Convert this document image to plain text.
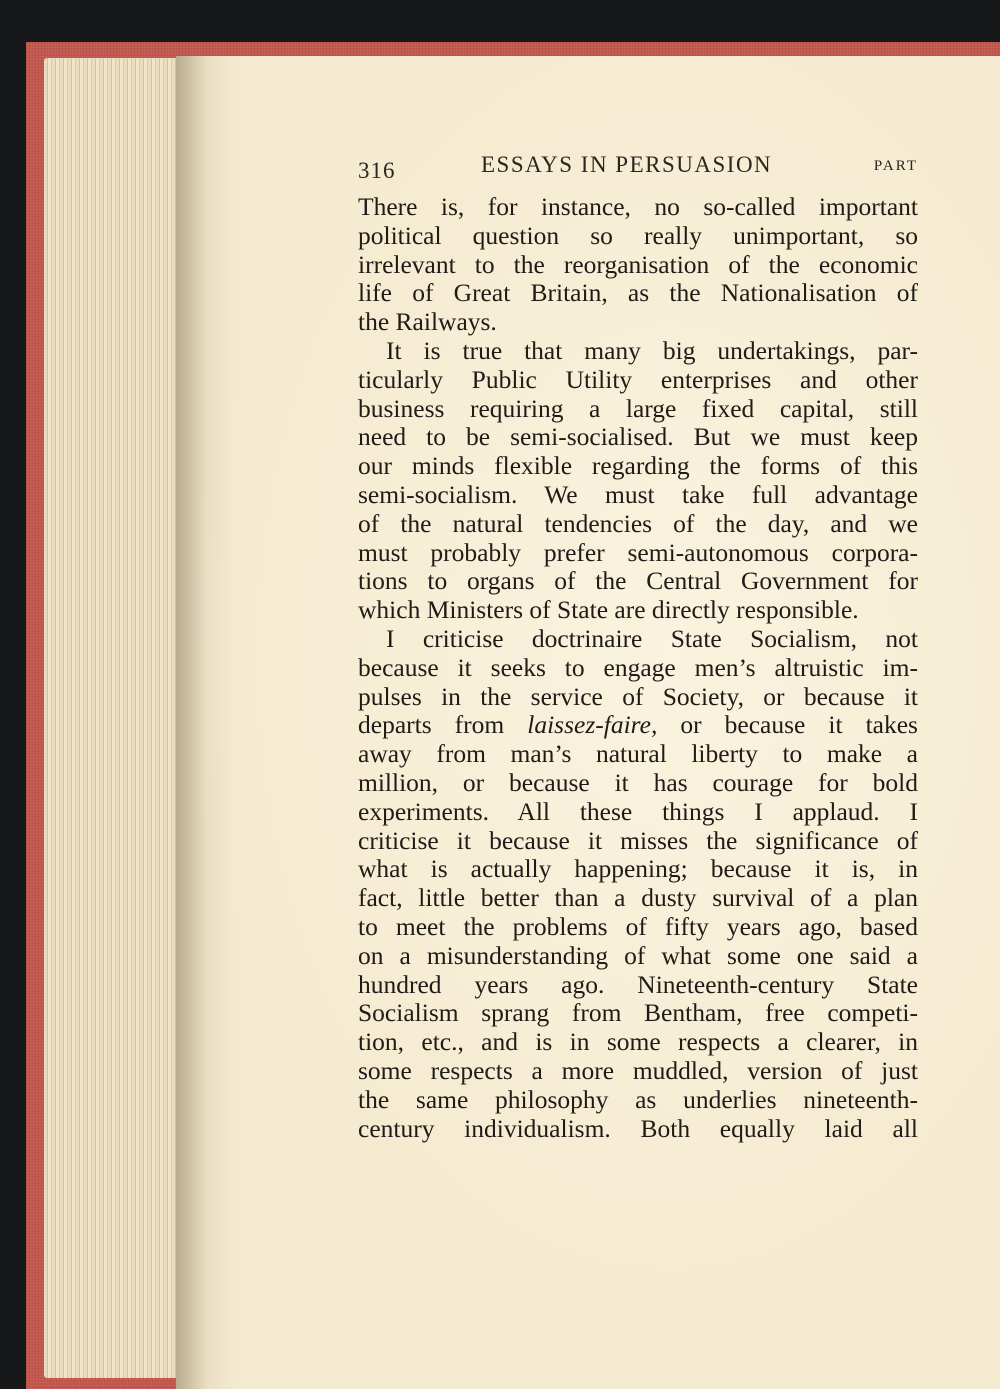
316	ESSAYS IN PERSUASION	PART
There is, for instance, no so-called important
political question so really unimportant, so
irrelevant to the reorganisation of the economic
life of Great Britain, as the Nationalisation of
the Railways.
It is true that many big undertakings, par-
ticularly Public Utility enterprises and other
business requiring a large fixed capital, still
need to be semi-socialised. But we must keep
our minds flexible regarding the forms of this
semi-socialism. We must take full advantage
of the natural tendencies of the day, and we
must probably prefer semi-autonomous corpora-
tions to organs of the Central Government for
which Ministers of State are directly responsible.
I criticise doctrinaire State Socialism, not
because it seeks to engage men’s altruistic im-
pulses in the service of Society, or because it
departs from laissez-faire, or because it takes
away from man’s natural liberty to make a
million, or because it has courage for bold
experiments. All these things I applaud. I
criticise it because it misses the significance of
what is actually happening; because it is, in
fact, little better than a dusty survival of a plan
to meet the problems of fifty years ago, based
on a misunderstanding of what some one said a
hundred years ago. Nineteenth-century State
Socialism sprang from Bentham, free competi-
tion, etc., and is in some respects a clearer, in
some respects a more muddled, version of just
the same philosophy as underlies nineteenth-
century individualism. Both equally laid all
